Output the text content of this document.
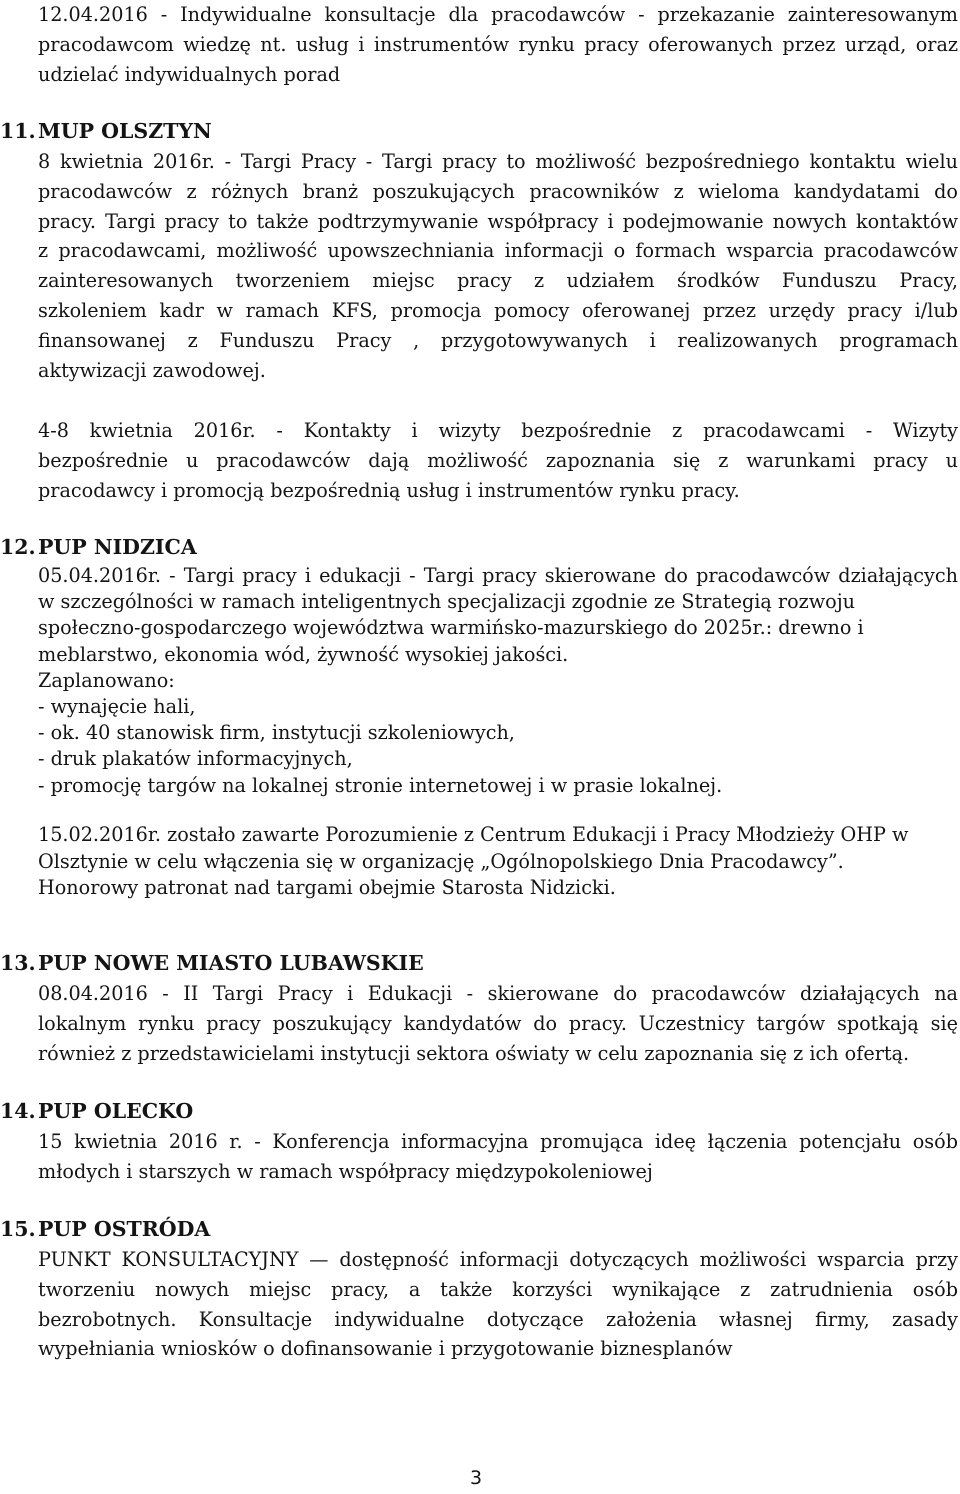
12.04.2016 - Indywidualne konsultacje dla pracodawców - przekazanie zainteresowanym
pracodawcom wiedzę nt. usług i instrumentów rynku pracy oferowanych przez urząd, oraz
udzielać indywidualnych porad
11. MUP OLSZTYN
8 kwietnia 2016r. - Targi Pracy - Targi pracy to możliwość bezpośredniego kontaktu wielu
pracodawców z różnych branż poszukujących pracowników z wieloma kandydatami do
pracy. Targi pracy to także podtrzymywanie współpracy i podejmowanie nowych kontaktów
z pracodawcami, możliwość upowszechniania informacji o formach wsparcia pracodawców
zainteresowanych tworzeniem miejsc pracy z udziałem środków Funduszu Pracy,
szkoleniem kadr w ramach KFS, promocja pomocy oferowanej przez urzędy pracy i/lub
finansowanej z Funduszu Pracy , przygotowywanych i realizowanych programach
aktywizacji zawodowej.
4-8 kwietnia 2016r. - Kontakty i wizyty bezpośrednie z pracodawcami - Wizyty
bezpośrednie u pracodawców dają możliwość zapoznania się z warunkami pracy u
pracodawcy i promocją bezpośrednią usług i instrumentów rynku pracy.
12. PUP NIDZICA
05.04.2016r. - Targi pracy i edukacji - Targi pracy skierowane do pracodawców działających
w szczególności w ramach inteligentnych specjalizacji zgodnie ze Strategią rozwoju
społeczno-gospodarczego województwa warmińsko-mazurskiego do 2025r.: drewno i
meblarstwo, ekonomia wód, żywność wysokiej jakości.
Zaplanowano:
- wynajęcie hali,
- ok. 40 stanowisk firm, instytucji szkoleniowych,
- druk plakatów informacyjnych,
- promocję targów na lokalnej stronie internetowej i w prasie lokalnej.
15.02.2016r. zostało zawarte Porozumienie z Centrum Edukacji i Pracy Młodzieży OHP w
Olsztynie w celu włączenia się w organizację „Ogólnopolskiego Dnia Pracodawcy”.
Honorowy patronat nad targami obejmie Starosta Nidzicki.
13. PUP NOWE MIASTO LUBAWSKIE
08.04.2016 - II Targi Pracy i Edukacji - skierowane do pracodawców działających na
lokalnym rynku pracy poszukujący kandydatów do pracy. Uczestnicy targów spotkają się
również z przedstawicielami instytucji sektora oświaty w celu zapoznania się z ich ofertą.
14. PUP OLECKO
15 kwietnia 2016 r. - Konferencja informacyjna promująca ideę łączenia potencjału osób
młodych i starszych w ramach współpracy międzypokoleniowej
15. PUP OSTRÓDA
PUNKT KONSULTACYJNY — dostępność informacji dotyczących możliwości wsparcia przy
tworzeniu nowych miejsc pracy, a także korzyści wynikające z zatrudnienia osób
bezrobotnych. Konsultacje indywidualne dotyczące założenia własnej firmy, zasady
wypełniania wniosków o dofinansowanie i przygotowanie biznesplanów
3
